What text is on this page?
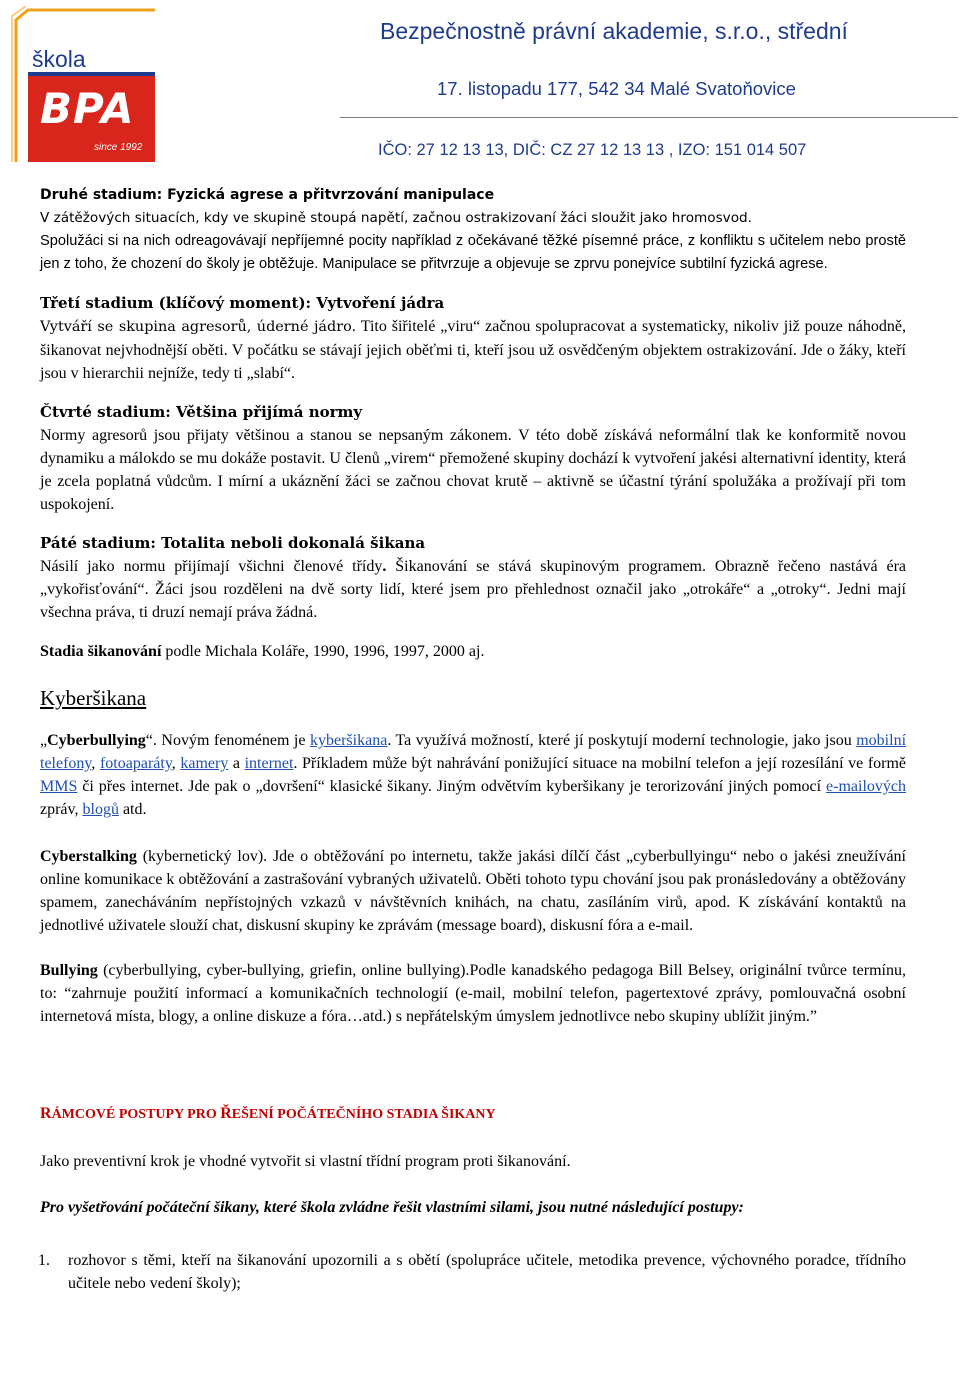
škola
BPA
since 1992
Bezpečnostně právní akademie, s.r.o., střední
17. listopadu 177, 542 34 Malé Svatoňovice
IČO: 27 12 13 13, DIČ: CZ 27 12 13 13 , IZO: 151 014 507

Druhé stadium: Fyzická agrese a přitvrzování manipulace

V zátěžových situacích, kdy ve skupině stoupá napětí, začnou ostrakizovaní žáci sloužit jako hromosvod.

Spolužáci si na nich odreagovávají nepříjemné pocity například z očekávané těžké písemné práce, z konfliktu s učitelem nebo prostě jen z toho, že chození do školy je obtěžuje. Manipulace se přitvrzuje a objevuje se zprvu ponejvíce subtilní fyzická agrese.

Třetí stadium (klíčový moment): Vytvoření jádra

Vytváří se skupina agresorů, úderné jádro. Tito šiřitelé „viru“ začnou spolupracovat a systematicky, nikoliv již pouze náhodně, šikanovat nejvhodnější oběti. V počátku se stávají jejich oběťmi ti, kteří jsou už osvědčeným objektem ostrakizování. Jde o žáky, kteří jsou v hierarchii nejníže, tedy ti „slabí“.

Čtvrté stadium: Většina přijímá normy

Normy agresorů jsou přijaty většinou a stanou se nepsaným zákonem. V této době získává neformální tlak ke konformitě novou dynamiku a málokdo se mu dokáže postavit. U členů „virem“ přemožené skupiny dochází k vytvoření jakési alternativní identity, která je zcela poplatná vůdcům. I mírní a ukáznění žáci se začnou chovat krutě – aktivně se účastní týrání spolužáka a prožívají při tom uspokojení.

Páté stadium: Totalita neboli dokonalá šikana

Násilí jako normu přijímají všichni členové třídy. Šikanování se stává skupinovým programem. Obrazně řečeno nastává éra „vykořisťování“. Žáci jsou rozděleni na dvě sorty lidí, které jsem pro přehlednost označil jako „otrokáře“ a „otroky“. Jedni mají všechna práva, ti druzí nemají práva žádná.

Stadia šikanování podle Michala Koláře, 1990, 1996, 1997, 2000 aj.

Kyberšikana

„Cyberbullying“. Novým fenoménem je kyberšikana. Ta využívá možností, které jí poskytují moderní technologie, jako jsou mobilní telefony, fotoaparáty, kamery a internet. Příkladem může být nahrávání ponižující situace na mobilní telefon a její rozesílání ve formě MMS či přes internet. Jde pak o „dovršení“ klasické šikany. Jiným odvětvím kyberšikany je terorizování jiných pomocí e-mailových zpráv, blogů atd.

Cyberstalking (kybernetický lov). Jde o obtěžování po internetu, takže jakási dílčí část „cyberbullyingu“ nebo o jakési zneužívání online komunikace k obtěžování a zastrašování vybraných uživatelů. Oběti tohoto typu chování jsou pak pronásledovány a obtěžovány spamem, zanecháváním nepřístojných vzkazů v návštěvních knihách, na chatu, zasíláním virů, apod. K získávání kontaktů na jednotlivé uživatele slouží chat, diskusní skupiny ke zprávám (message board), diskusní fóra a e-mail.

Bullying (cyberbullying, cyber-bullying, griefin, online bullying).Podle kanadského pedagoga Bill Belsey, originální tvůrce termínu, to: “zahrnuje použití informací a komunikačních technologií (e-mail, mobilní telefon, pagertextové zprávy, pomlouvačná osobní internetová místa, blogy, a online diskuze a fóra…atd.) s nepřátelským úmyslem jednotlivce nebo skupiny ublížit jiným.”

RÁMCOVÉ POSTUPY PRO ŘEŠENÍ POČÁTEČNÍHO STADIA ŠIKANY

Jako preventivní krok je vhodné vytvořit si vlastní třídní program proti šikanování.

Pro vyšetřování počáteční šikany, které škola zvládne řešit vlastními silami, jsou nutné následující postupy:

1. rozhovor s těmi, kteří na šikanování upozornili a s obětí (spolupráce učitele, metodika prevence, výchovného poradce, třídního učitele nebo vedení školy);
